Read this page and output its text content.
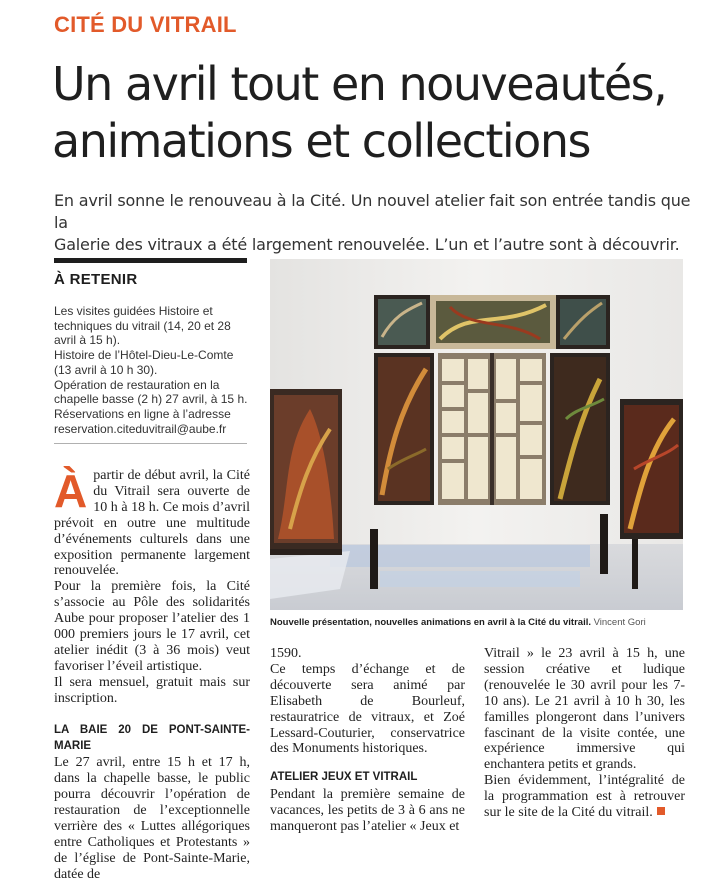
CITÉ DU VITRAIL
Un avril tout en nouveautés,
animations et collections
En avril sonne le renouveau à la Cité. Un nouvel atelier fait son entrée tandis que la
Galerie des vitraux a été largement renouvelée. L’un et l’autre sont à découvrir.
À RETENIR

Les visites guidées Histoire et techniques du vitrail (14, 20 et 28 avril à 15 h).

Histoire de l’Hôtel-Dieu-Le-Comte (13 avril à 10 h 30).

Opération de restauration en la chapelle basse (2 h) 27 avril, à 15 h.

Réservations en ligne à l’adresse reservation.citeduvitrail@aube.fr

Nouvelle présentation, nouvelles animations en avril à la Cité du vitrail. Vincent Gori

Àpartir de début avril, la Cité du Vitrail sera ouverte de 10 h à 18 h. Ce mois d’avril prévoit en outre une multitude d’événements culturels dans une exposition permanente largement renouvelée.

Pour la première fois, la Cité s’associe au Pôle des solidarités Aube pour proposer l’atelier des 1 000 premiers jours le 17 avril, cet atelier inédit (3 à 36 mois) veut favoriser l’éveil artistique.

Il sera mensuel, gratuit mais sur inscription.

LA BAIE 20 DE PONT-SAINTE-MARIE

Le 27 avril, entre 15 h et 17 h, dans la chapelle basse, le public pourra découvrir l’opération de restauration de l’exceptionnelle verrière des « Luttes allégoriques entre Catholiques et Protestants » de l’église de Pont-Sainte-Marie, datée de

1590.

Ce temps d’échange et de découverte sera animé par Elisabeth de Bourleuf, restauratrice de vitraux, et Zoé Lessard-Couturier, conservatrice des Monuments historiques.

ATELIER JEUX ET VITRAIL

Pendant la première semaine de vacances, les petits de 3 à 6 ans ne manqueront pas l’atelier « Jeux et

Vitrail » le 23 avril à 15 h, une session créative et ludique (renouvelée le 30 avril pour les 7-10 ans). Le 21 avril à 10 h 30, les familles plongeront dans l’univers fascinant de la visite contée, une expérience immersive qui enchantera petits et grands.

Bien évidemment, l’intégralité de la programmation est à retrouver sur le site de la Cité du vitrail.
